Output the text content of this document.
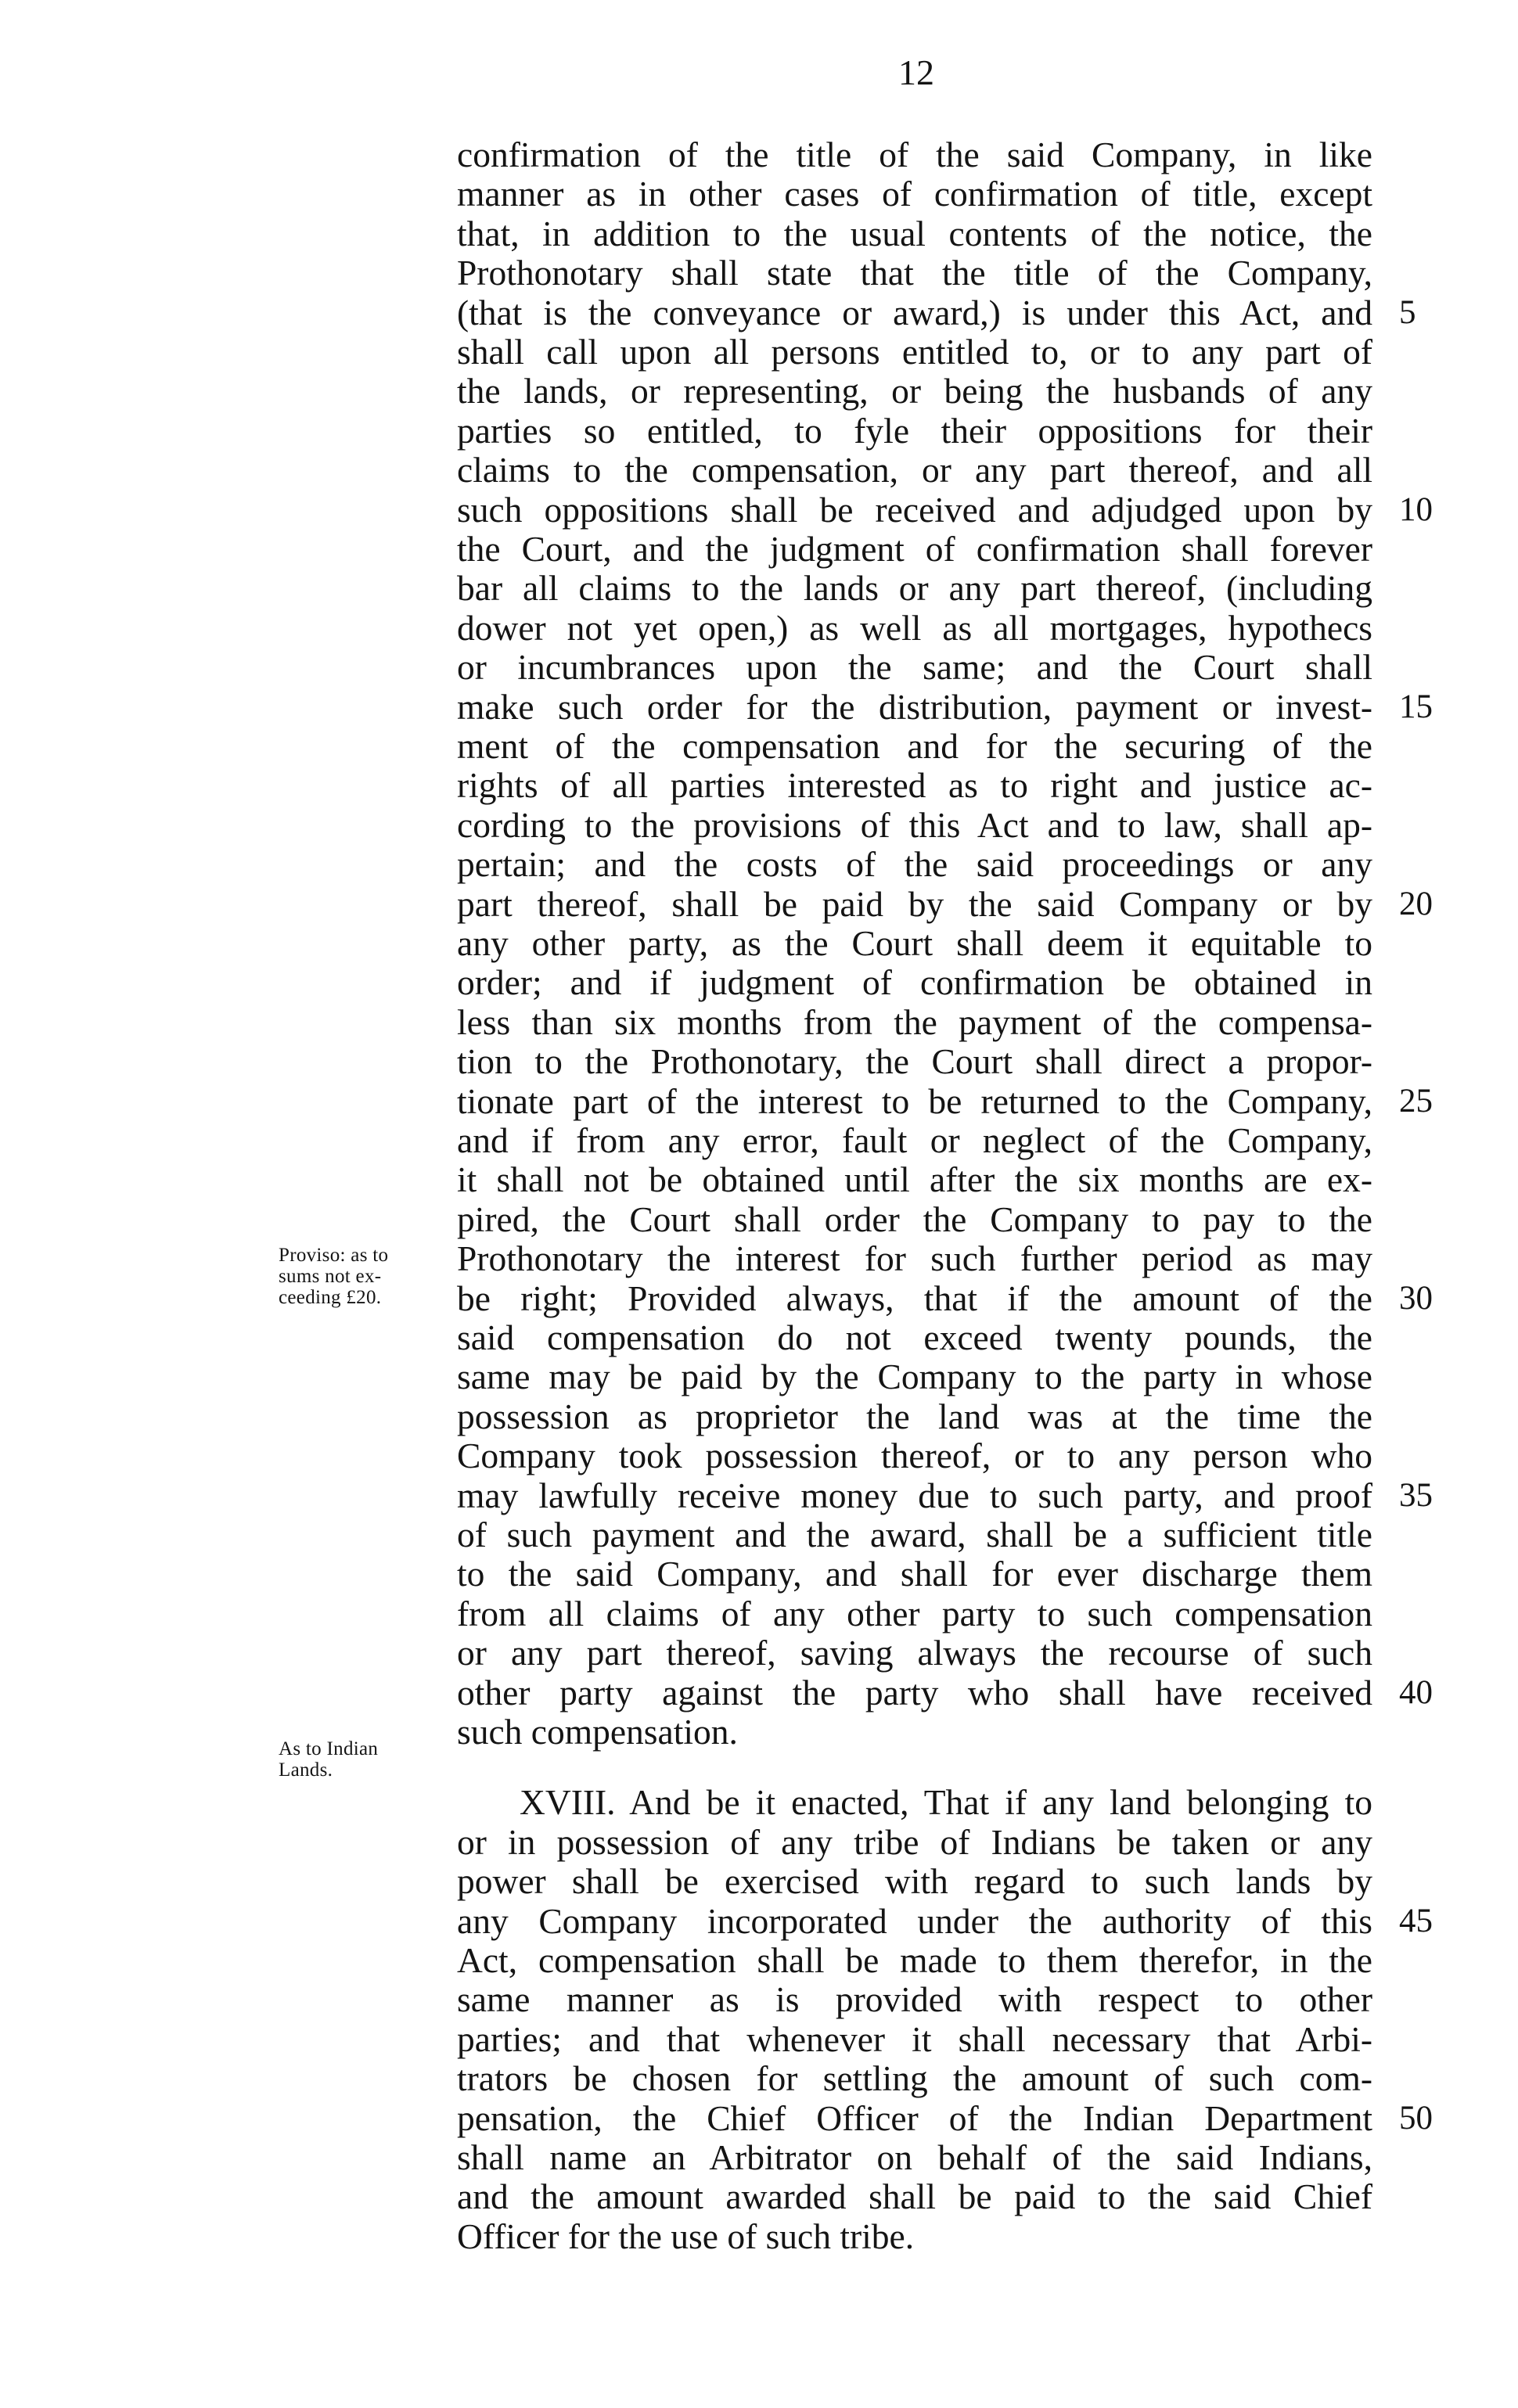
12
confirmation of the title of the said Company, in like
manner as in other cases of confirmation of title, except
that, in addition to the usual contents of the notice, the
Prothonotary shall state that the title of the Company,
(that is the conveyance or award,) is under this Act, and
shall call upon all persons entitled to, or to any part of
the lands, or representing, or being the husbands of any
parties so entitled, to fyle their oppositions for their
claims to the compensation, or any part thereof, and all
such oppositions shall be received and adjudged upon by
the Court, and the judgment of confirmation shall forever
bar all claims to the lands or any part thereof, (including
dower not yet open,) as well as all mortgages, hypothecs
or incumbrances upon the same; and the Court shall
make such order for the distribution, payment or invest-
ment of the compensation and for the securing of the
rights of all parties interested as to right and justice ac-
cording to the provisions of this Act and to law, shall ap-
pertain; and the costs of the said proceedings or any
part thereof, shall be paid by the said Company or by
any other party, as the Court shall deem it equitable to
order; and if judgment of confirmation be obtained in
less than six months from the payment of the compensa-
tion to the Prothonotary, the Court shall direct a propor-
tionate part of the interest to be returned to the Company,
and if from any error, fault or neglect of the Company,
it shall not be obtained until after the six months are ex-
pired, the Court shall order the Company to pay to the
Prothonotary the interest for such further period as may
be right; Provided always, that if the amount of the
said compensation do not exceed twenty pounds, the
same may be paid by the Company to the party in whose
possession as proprietor the land was at the time the
Company took possession thereof, or to any person who
may lawfully receive money due to such party, and proof
of such payment and the award, shall be a sufficient title
to the said Company, and shall for ever discharge them
from all claims of any other party to such compensation
or any part thereof, saving always the recourse of such
other party against the party who shall have received
such compensation.
XVIII. And be it enacted, That if any land belonging to
or in possession of any tribe of Indians be taken or any
power shall be exercised with regard to such lands by
any Company incorporated under the authority of this
Act, compensation shall be made to them therefor, in the
same manner as is provided with respect to other
parties; and that whenever it shall necessary that Arbi-
trators be chosen for settling the amount of such com-
pensation, the Chief Officer of the Indian Department
shall name an Arbitrator on behalf of the said Indians,
and the amount awarded shall be paid to the said Chief
Officer for the use of such tribe.
5
10
15
20
25
30
35
40
45
50
Proviso: as to
sums not ex-
ceeding £20.
As to Indian
Lands.
